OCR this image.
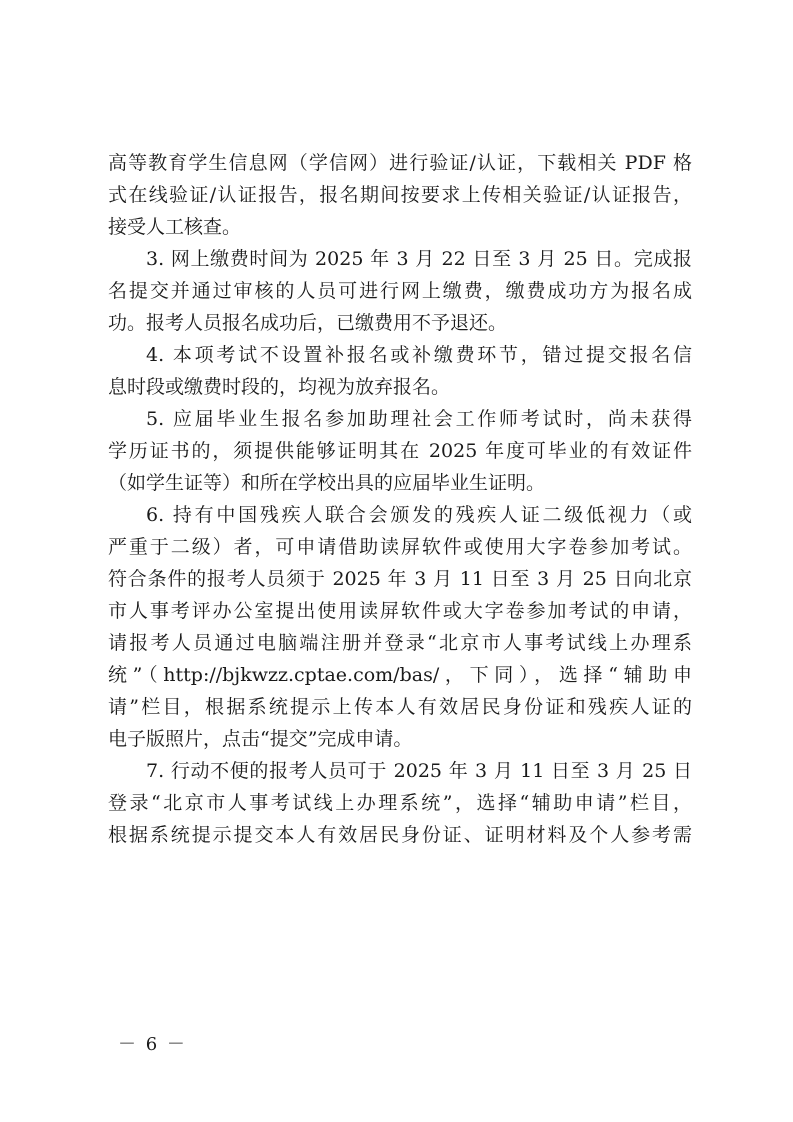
高等教育学生信息网（学信网）进行验证/认证，下载相关 PDF 格
式在线验证/认证报告，报名期间按要求上传相关验证/认证报告，
接受人工核查。
3. 网上缴费时间为 2025 年 3 月 22 日至 3 月 25 日。完成报
名提交并通过审核的人员可进行网上缴费，缴费成功方为报名成
功。报考人员报名成功后，已缴费用不予退还。
4. 本项考试不设置补报名或补缴费环节，错过提交报名信
息时段或缴费时段的，均视为放弃报名。
5. 应届毕业生报名参加助理社会工作师考试时，尚未获得
学历证书的，须提供能够证明其在 2025 年度可毕业的有效证件
（如学生证等）和所在学校出具的应届毕业生证明。
6. 持有中国残疾人联合会颁发的残疾人证二级低视力（或
严重于二级）者，可申请借助读屏软件或使用大字卷参加考试。
符合条件的报考人员须于 2025 年 3 月 11 日至 3 月 25 日向北京
市人事考评办公室提出使用读屏软件或大字卷参加考试的申请，
请报考人员通过电脑端注册并登录“北京市人事考试线上办理系
统”（http://bjkwzz.cptae.com/bas/，下同），选择“辅助申
请”栏目，根据系统提示上传本人有效居民身份证和残疾人证的
电子版照片，点击“提交”完成申请。
7. 行动不便的报考人员可于 2025 年 3 月 11 日至 3 月 25 日
登录“北京市人事考试线上办理系统”，选择“辅助申请”栏目，
根据系统提示提交本人有效居民身份证、证明材料及个人参考需
－ 6 －
